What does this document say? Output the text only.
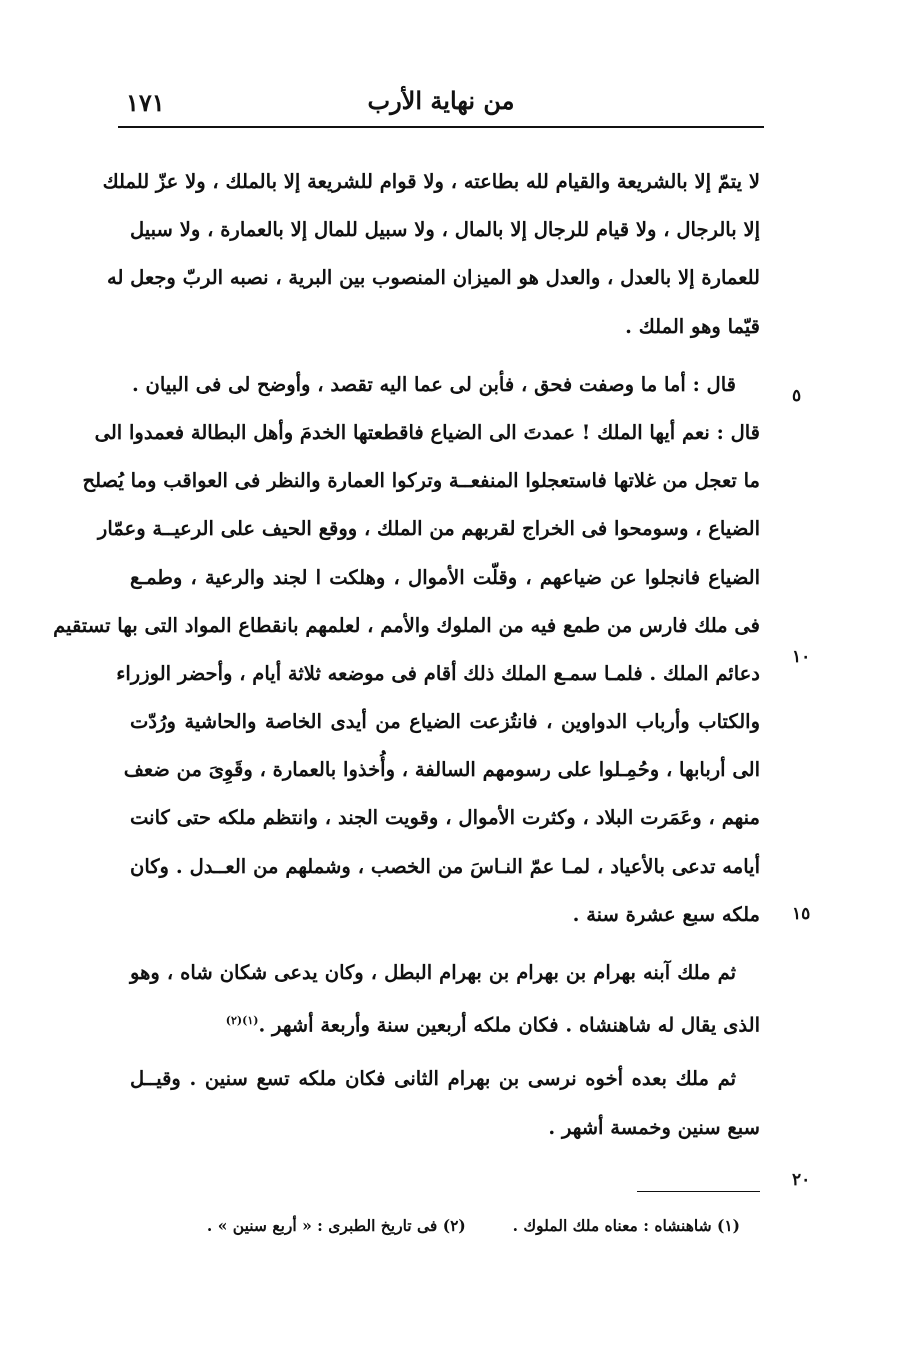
من نهاية الأرب
١٧١
٥
١٠
١٥
٢٠
لا يتمّ إلا بالشريعة والقيام لله بطاعته ، ولا قوام للشريعة إلا بالملك ، ولا عزّ للملك
إلا بالرجال ، ولا قيام للرجال إلا بالمال ، ولا سبيل للمال إلا بالعمارة ، ولا سبيل
للعمارة إلا بالعدل ، والعدل هو الميزان المنصوب بين البرية ، نصبه الربّ وجعل له
قيّما وهو الملك .
قال : أما ما وصفت فحق ، فأبن لى عما اليه تقصد ، وأوضح لى فى البيان .
قال : نعم أيها الملك ! عمدتَ الى الضياع فاقطعتها الخدمَ وأهل البطالة فعمدوا الى
ما تعجل من غلاتها فاستعجلوا المنفعــة وتركوا العمارة والنظر فى العواقب وما يُصلح
الضياع ، وسومحوا فى الخراج لقربهم من الملك ، ووقع الحيف على الرعيــة وعمّار
الضياع فانجلوا عن ضياعهم ، وقلّت الأموال ، وهلكت ا لجند والرعية ، وطمـع
فى ملك فارس من طمع فيه من الملوك والأمم ، لعلمهم بانقطاع المواد التى بها تستقيم
دعائم الملك . فلمـا سمـع الملك ذلك أقام فى موضعه ثلاثة أيام ، وأحضر الوزراء
والكتاب وأرباب الدواوين ، فانتُزعت الضياع من أيدى الخاصة والحاشية ورُدّت
الى أربابها ، وحُمِـلوا على رسومهم السالفة ، وأُخذوا بالعمارة ، وقَوِىَ من ضعف
منهم ، وعَمَرت البلاد ، وكثرت الأموال ، وقويت الجند ، وانتظم ملكه حتى كانت
أيامه تدعى بالأعياد ، لمـا عمّ النـاسَ من الخصب ، وشملهم من العــدل . وكان
ملكه سبع عشرة سنة .
ثم ملك آبنه بهرام بن بهرام بن بهرام البطل ، وكان يدعى شكان شاه ، وهو
الذى يقال له شاهنشاه . فكان ملكه أربعين سنة وأربعة أشهر .$^{(١)(٢)}$
ثم ملك بعده أخوه نرسى بن بهرام الثانى فكان ملكه تسع سنين . وقيــل
سبع سنين وخمسة أشهر .
(١) شاهنشاه : معناه ملك الملوك .  (٢) فى تاريخ الطبرى : « أربع سنين » .
